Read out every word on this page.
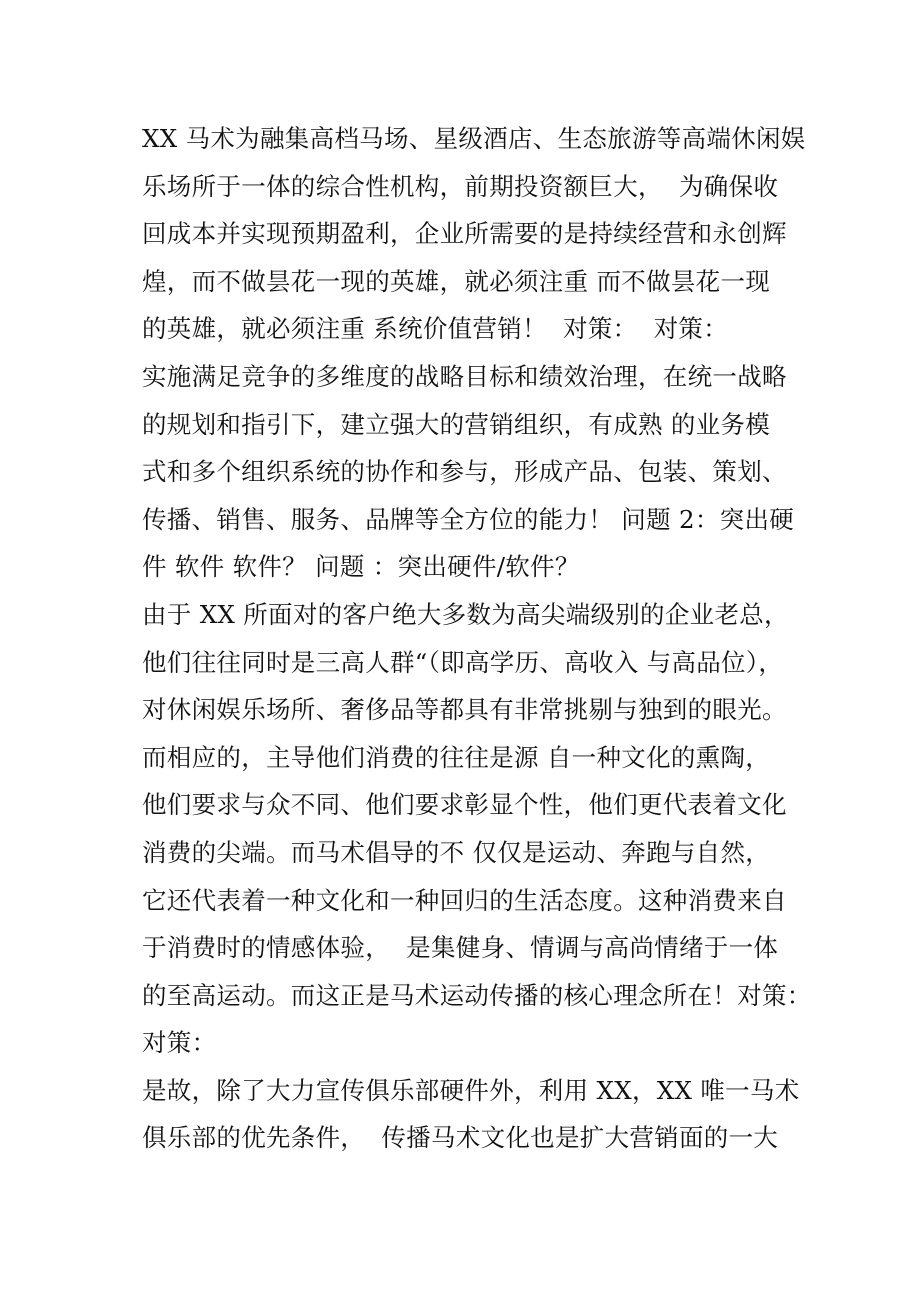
XX 马术为融集高档马场、星级酒店、生态旅游等高端休闲娱
乐场所于一体的综合性机构，前期投资额巨大，  为确保收
回成本并实现预期盈利，企业所需要的是持续经营和永创辉
煌，而不做昙花一现的英雄，就必须注重 而不做昙花一现
的英雄，就必须注重 系统价值营销！  对策：  对策：
实施满足竞争的多维度的战略目标和绩效治理，在统一战略
的规划和指引下，建立强大的营销组织，有成熟 的业务模
式和多个组织系统的协作和参与，形成产品、包装、策划、
传播、销售、服务、品牌等全方位的能力！ 问题 2：突出硬
件 软件 软件？ 问题 ：突出硬件/软件？
由于 XX 所面对的客户绝大多数为高尖端级别的企业老总，
他们往往同时是三高人群“（即高学历、高收入 与高品位），
对休闲娱乐场所、奢侈品等都具有非常挑剔与独到的眼光。
而相应的，主导他们消费的往往是源 自一种文化的熏陶，
他们要求与众不同、他们要求彰显个性，他们更代表着文化
消费的尖端。而马术倡导的不 仅仅是运动、奔跑与自然，
它还代表着一种文化和一种回归的生活态度。这种消费来自
于消费时的情感体验，  是集健身、情调与高尚情绪于一体
的至高运动。而这正是马术运动传播的核心理念所在！对策：
对策：
是故，除了大力宣传俱乐部硬件外，利用 XX，XX 唯一马术
俱乐部的优先条件，  传播马术文化也是扩大营销面的一大
